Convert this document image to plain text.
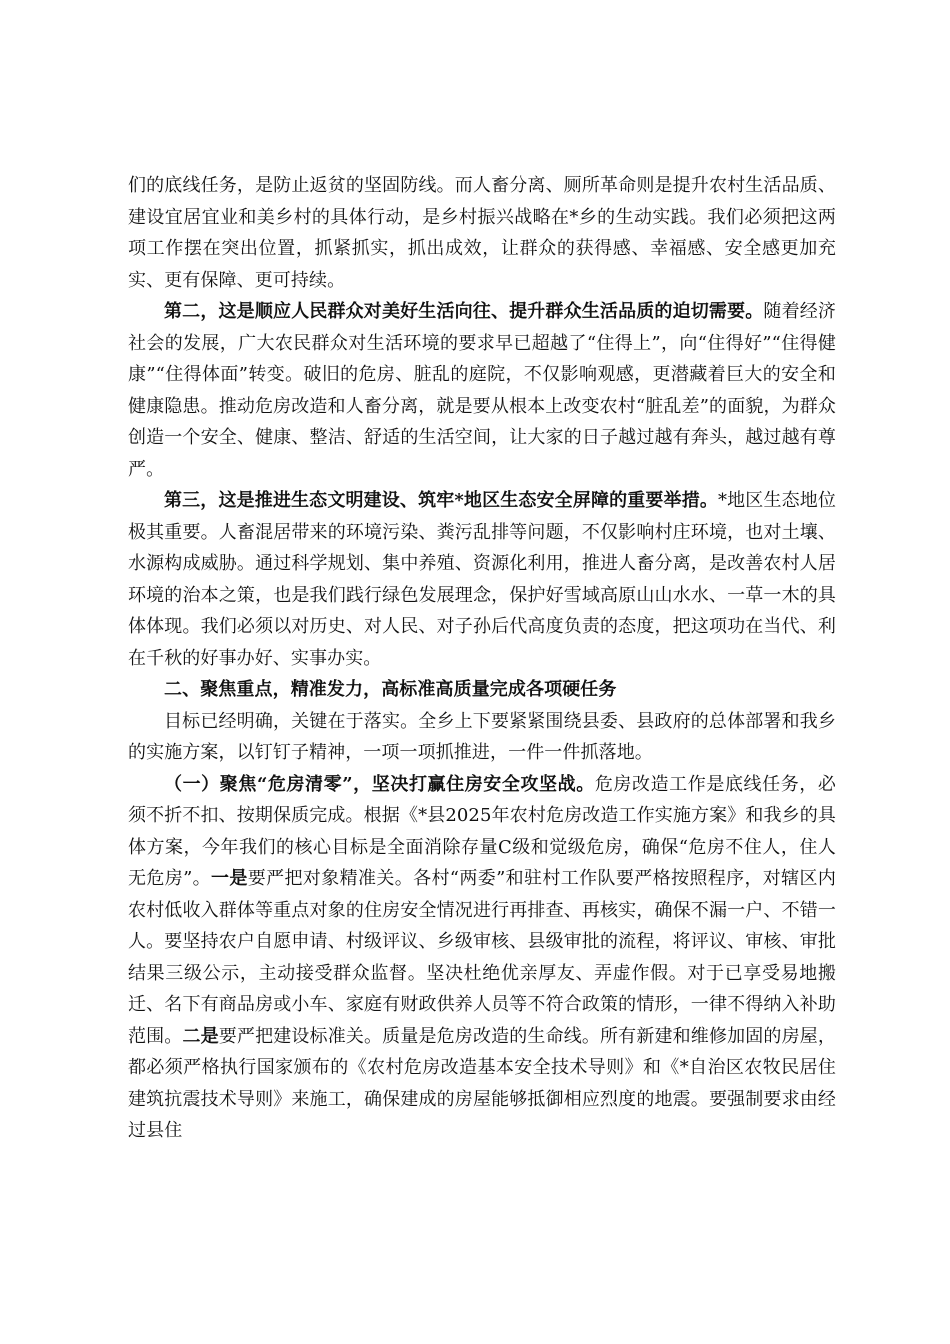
们的底线任务，是防止返贫的坚固防线。而人畜分离、厕所革命则是提升农村生活品质、建设宜居宜业和美乡村的具体行动，是乡村振兴战略在*乡的生动实践。我们必须把这两项工作摆在突出位置，抓紧抓实，抓出成效，让群众的获得感、幸福感、安全感更加充实、更有保障、更可持续。

第二，这是顺应人民群众对美好生活向往、提升群众生活品质的迫切需要。随着经济社会的发展，广大农民群众对生活环境的要求早已超越了“住得上”，向“住得好”“住得健康”“住得体面”转变。破旧的危房、脏乱的庭院，不仅影响观感，更潜藏着巨大的安全和健康隐患。推动危房改造和人畜分离，就是要从根本上改变农村“脏乱差”的面貌，为群众创造一个安全、健康、整洁、舒适的生活空间，让大家的日子越过越有奔头，越过越有尊严。

第三，这是推进生态文明建设、筑牢*地区生态安全屏障的重要举措。*地区生态地位极其重要。人畜混居带来的环境污染、粪污乱排等问题，不仅影响村庄环境，也对土壤、水源构成威胁。通过科学规划、集中养殖、资源化利用，推进人畜分离，是改善农村人居环境的治本之策，也是我们践行绿色发展理念，保护好雪域高原山山水水、一草一木的具体体现。我们必须以对历史、对人民、对子孙后代高度负责的态度，把这项功在当代、利在千秋的好事办好、实事办实。

二、聚焦重点，精准发力，高标准高质量完成各项硬任务

目标已经明确，关键在于落实。全乡上下要紧紧围绕县委、县政府的总体部署和我乡的实施方案，以钉钉子精神，一项一项抓推进，一件一件抓落地。

（一）聚焦“危房清零”，坚决打赢住房安全攻坚战。危房改造工作是底线任务，必须不折不扣、按期保质完成。根据《*县2025年农村危房改造工作实施方案》和我乡的具体方案，今年我们的核心目标是全面消除存量C级和觉级危房，确保“危房不住人，住人无危房”。一是要严把对象精准关。各村“两委”和驻村工作队要严格按照程序，对辖区内农村低收入群体等重点对象的住房安全情况进行再排查、再核实，确保不漏一户、不错一人。要坚持农户自愿申请、村级评议、乡级审核、县级审批的流程，将评议、审核、审批结果三级公示，主动接受群众监督。坚决杜绝优亲厚友、弄虚作假。对于已享受易地搬迁、名下有商品房或小车、家庭有财政供养人员等不符合政策的情形，一律不得纳入补助范围。二是要严把建设标准关。质量是危房改造的生命线。所有新建和维修加固的房屋，都必须严格执行国家颁布的《农村危房改造基本安全技术导则》和《*自治区农牧民居住建筑抗震技术导则》来施工，确保建成的房屋能够抵御相应烈度的地震。要强制要求由经过县住
